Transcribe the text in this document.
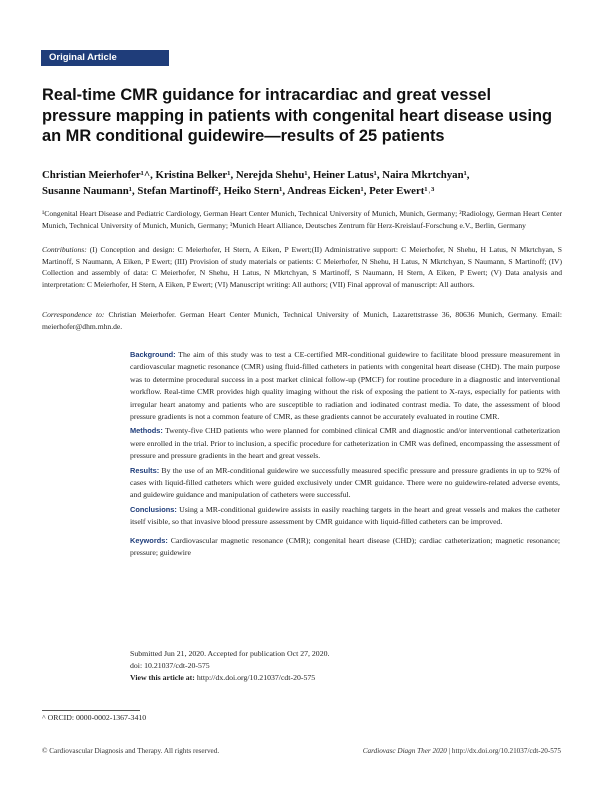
Original Article
Real-time CMR guidance for intracardiac and great vessel pressure mapping in patients with congenital heart disease using an MR conditional guidewire—results of 25 patients
Christian Meierhofer¹^, Kristina Belker¹, Nerejda Shehu¹, Heiner Latus¹, Naira Mkrtchyan¹,
Susanne Naumann¹, Stefan Martinoff², Heiko Stern¹, Andreas Eicken¹, Peter Ewert¹˒³
¹Congenital Heart Disease and Pediatric Cardiology, German Heart Center Munich, Technical University of Munich, Munich, Germany; ²Radiology, German Heart Center Munich, Technical University of Munich, Munich, Germany; ³Munich Heart Alliance, Deutsches Zentrum für Herz-Kreislauf-Forschung e.V., Berlin, Germany
Contributions: (I) Conception and design: C Meierhofer, H Stern, A Eiken, P Ewert;(II) Administrative support: C Meierhofer, N Shehu, H Latus, N Mkrtchyan, S Martinoff, S Naumann, A Eiken, P Ewert; (III) Provision of study materials or patients: C Meierhofer, N Shehu, H Latus, N Mkrtchyan, S Naumann, S Martinoff; (IV) Collection and assembly of data: C Meierhofer, N Shehu, H Latus, N Mkrtchyan, S Martinoff, S Naumann, H Stern, A Eiken, P Ewert; (V) Data analysis and interpretation: C Meierhofer, H Stern, A Eiken, P Ewert; (VI) Manuscript writing: All authors; (VII) Final approval of manuscript: All authors.
Correspondence to: Christian Meierhofer. German Heart Center Munich, Technical University of Munich, Lazarettstrasse 36, 80636 Munich, Germany. Email: meierhofer@dhm.mhn.de.

Background: The aim of this study was to test a CE-certified MR-conditional guidewire to facilitate blood pressure measurement in cardiovascular magnetic resonance (CMR) using fluid-filled catheters in patients with congenital heart disease (CHD). The main purpose was to determine procedural success in a post market clinical follow-up (PMCF) for routine procedure in a diagnostic and interventional workflow. Real-time CMR provides high quality imaging without the risk of exposing the patient to X-rays, especially for patients with irregular heart anatomy and patients who are susceptible to radiation and iodinated contrast media. To date, the assessment of blood pressure gradients is not a common feature of CMR, as these gradients cannot be accurately evaluated in routine CMR.

Methods: Twenty-five CHD patients who were planned for combined clinical CMR and diagnostic and/or interventional catheterization were enrolled in the trial. Prior to inclusion, a specific procedure for catheterization in CMR was defined, encompassing the assessment of pressure and pressure gradients in the heart and great vessels.

Results: By the use of an MR-conditional guidewire we successfully measured specific pressure and pressure gradients in up to 92% of cases with liquid-filled catheters which were guided exclusively under CMR guidance. There were no guidewire-related adverse events, and guidewire guidance and manipulation of catheters were successful.

Conclusions: Using a MR-conditional guidewire assists in easily reaching targets in the heart and great vessels and makes the catheter itself visible, so that invasive blood pressure assessment by CMR guidance with liquid-filled catheters can be improved.

Keywords: Cardiovascular magnetic resonance (CMR); congenital heart disease (CHD); cardiac catheterization; magnetic resonance; pressure; guidewire

Submitted Jun 21, 2020. Accepted for publication Oct 27, 2020.
doi: 10.21037/cdt-20-575
View this article at: http://dx.doi.org/10.21037/cdt-20-575
^ ORCID: 0000-0002-1367-3410
© Cardiovascular Diagnosis and Therapy. All rights reserved.	Cardiovasc Diagn Ther 2020 | http://dx.doi.org/10.21037/cdt-20-575
